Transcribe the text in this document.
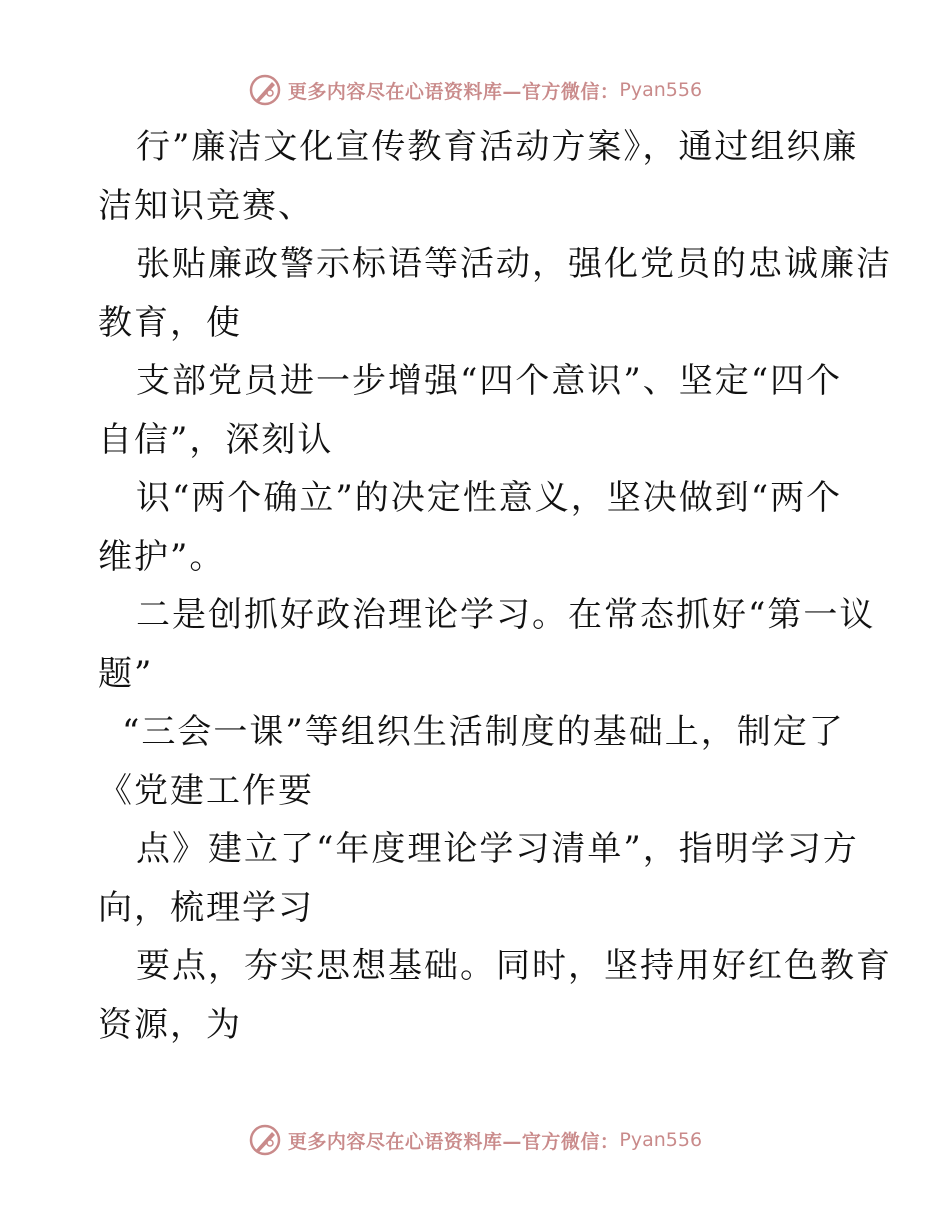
更多内容尽在心语资料库—官方微信： Pyan556
行”廉洁文化宣传教育活动方案》，通过组织廉
洁知识竞赛、
张贴廉政警示标语等活动，强化党员的忠诚廉洁
教育，使
支部党员进一步增强“四个意识”、坚定“四个
自信”，深刻认
识“两个确立”的决定性意义，坚决做到“两个
维护”。
二是创抓好政治理论学习。在常态抓好“第一议
题”
“三会一课”等组织生活制度的基础上，制定了
《党建工作要
点》建立了“年度理论学习清单”，指明学习方
向，梳理学习
要点，夯实思想基础。同时，坚持用好红色教育
资源，为
更多内容尽在心语资料库—官方微信： Pyan556
